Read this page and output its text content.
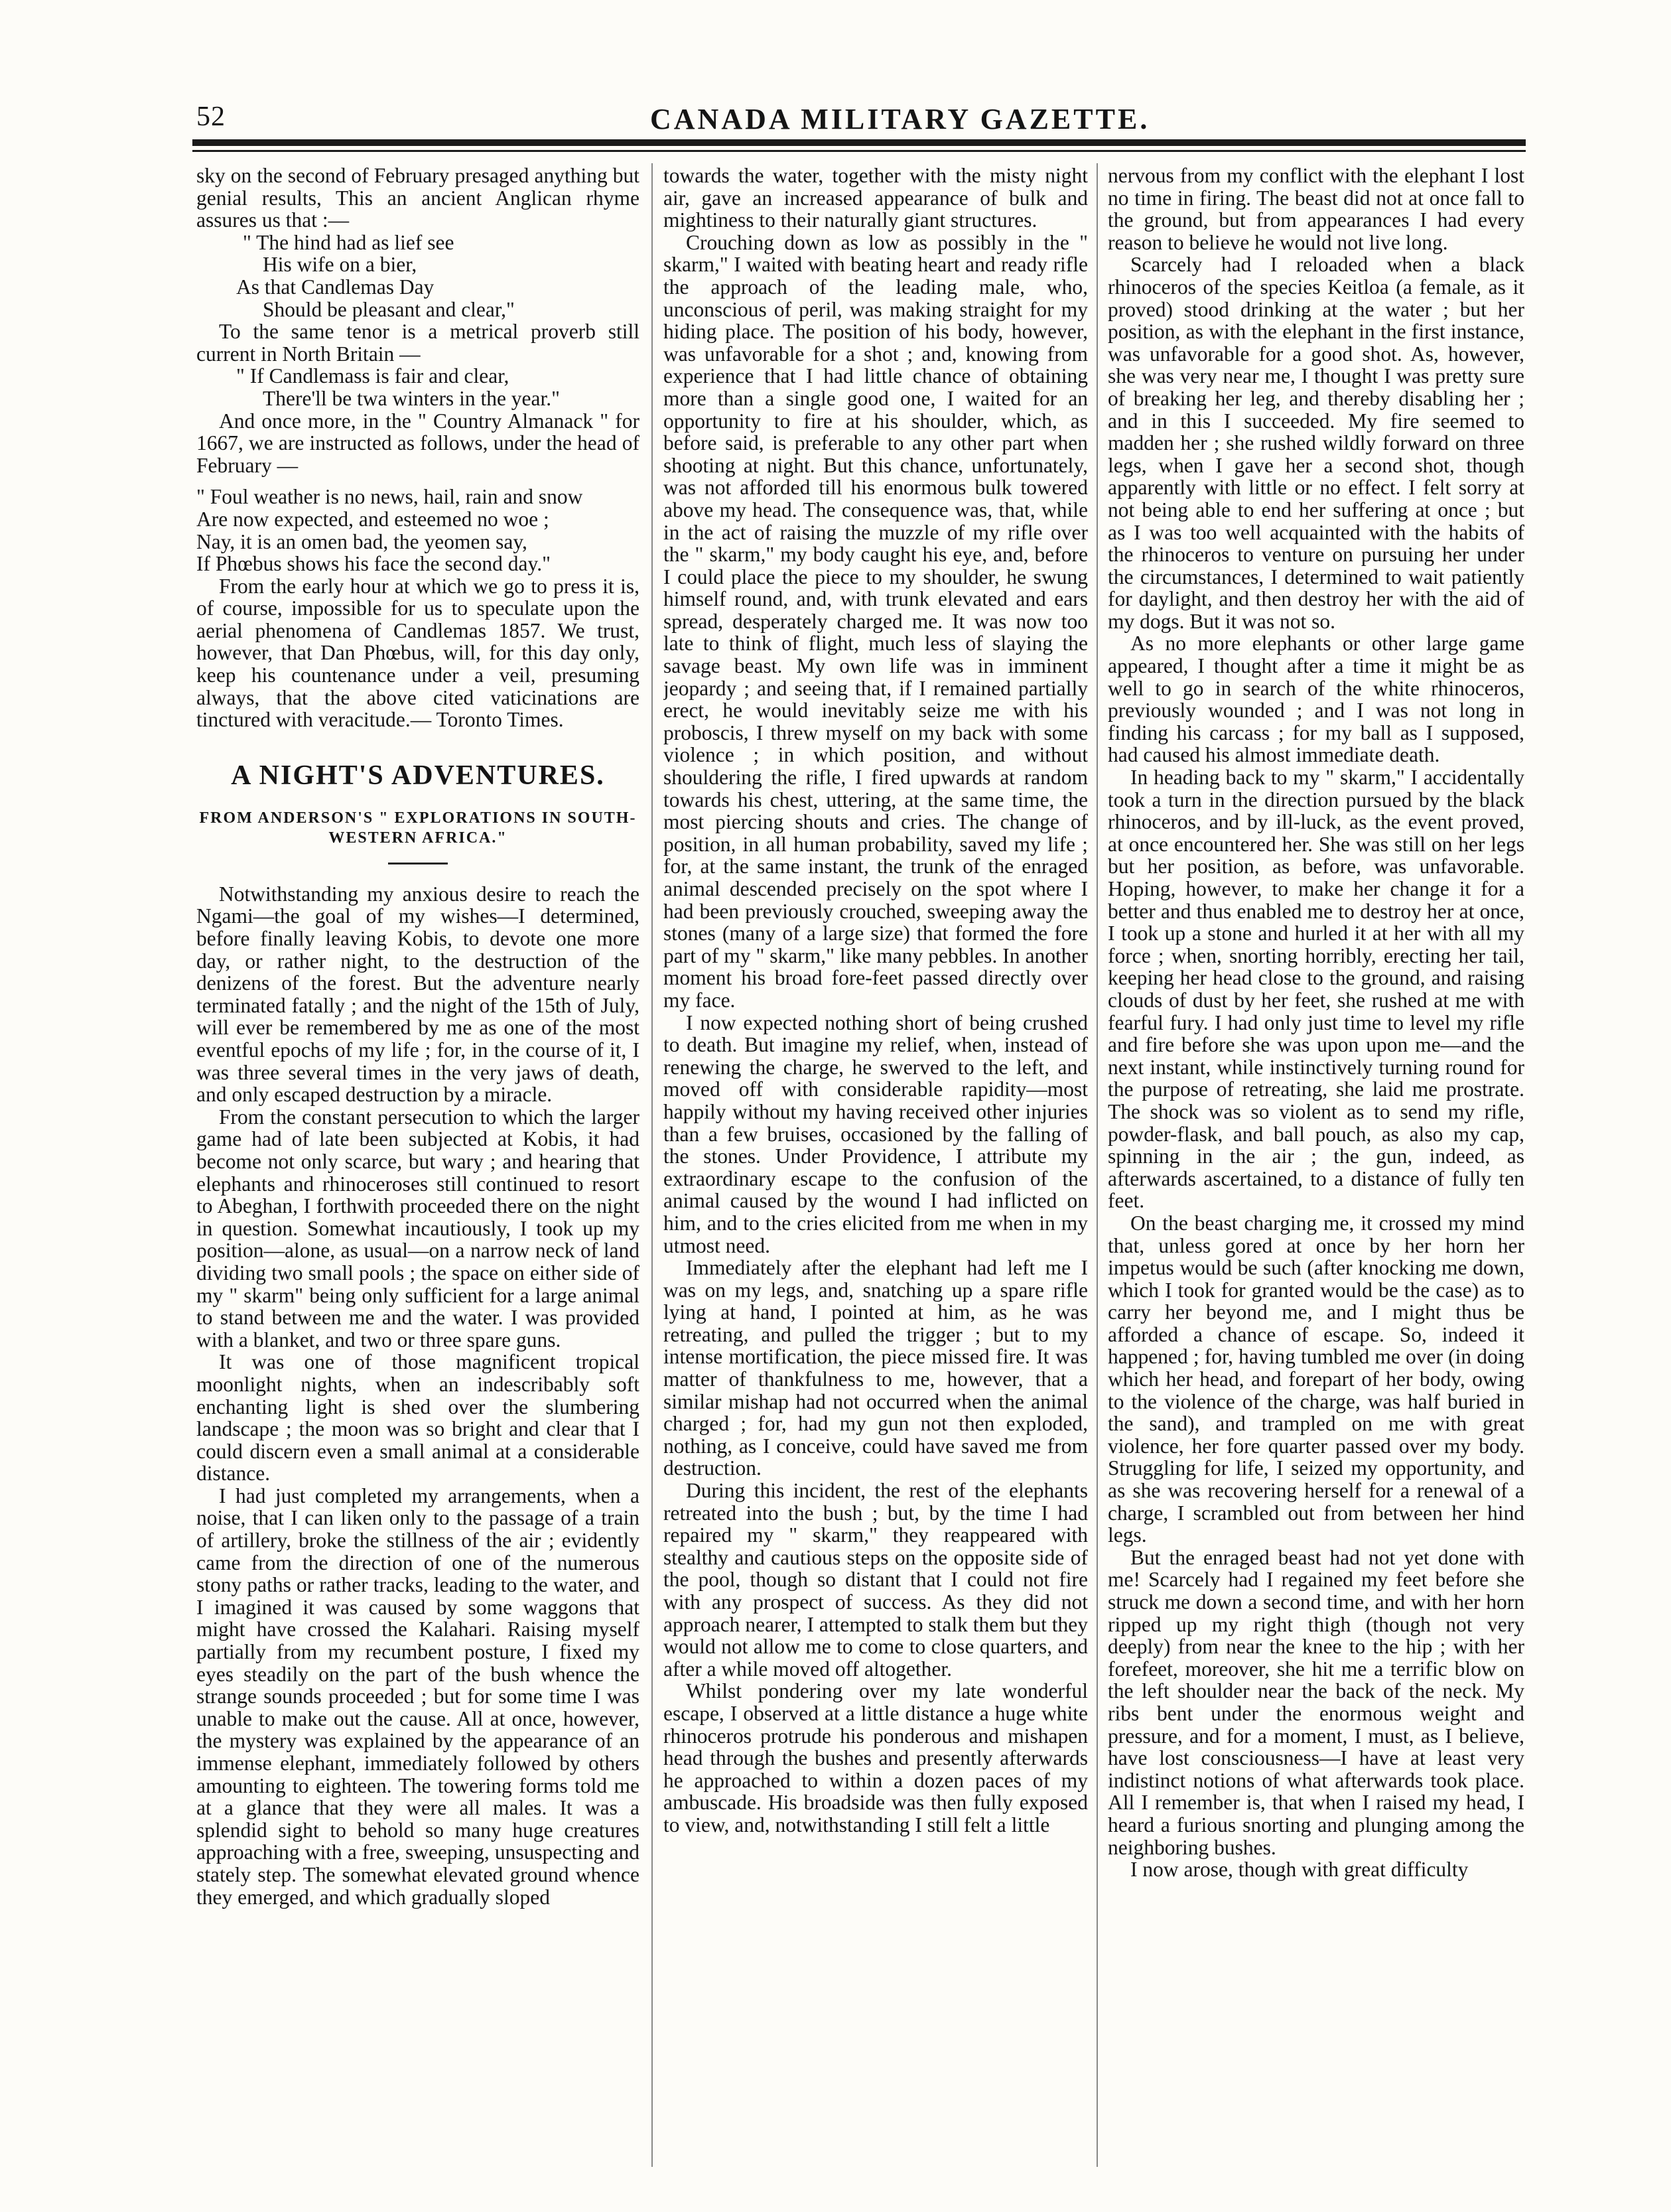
52	CANADA MILITARY GAZETTE.

sky on the second of February presaged anything but genial results, This an ancient Anglican rhyme assures us that :—

" The hind had as lief see
His wife on a bier,
As that Candlemas Day
Should be pleasant and clear,"

To the same tenor is a metrical proverb still current in North Britain —

" If Candlemass is fair and clear,
There'll be twa winters in the year."

And once more, in the " Country Almanack " for 1667, we are instructed as follows, under the head of February —

" Foul weather is no news, hail, rain and snow
Are now expected, and esteemed no woe ;
Nay, it is an omen bad, the yeomen say,
If Phœbus shows his face the second day."

From the early hour at which we go to press it is, of course, impossible for us to speculate upon the aerial phenomena of Candlemas 1857. We trust, however, that Dan Phœbus, will, for this day only, keep his countenance under a veil, presuming always, that the above cited vaticinations are tinctured with veracitude.— Toronto Times.

A NIGHT'S ADVENTURES.
FROM ANDERSON'S " EXPLORATIONS IN SOUTH-WESTERN AFRICA."

Notwithstanding my anxious desire to reach the Ngami—the goal of my wishes—I determined, before finally leaving Kobis, to devote one more day, or rather night, to the destruction of the denizens of the forest. But the adventure nearly terminated fatally ; and the night of the 15th of July, will ever be remembered by me as one of the most eventful epochs of my life ; for, in the course of it, I was three several times in the very jaws of death, and only escaped destruction by a miracle.

From the constant persecution to which the larger game had of late been subjected at Kobis, it had become not only scarce, but wary ; and hearing that elephants and rhinoceroses still continued to resort to Abeghan, I forthwith proceeded there on the night in question. Somewhat incautiously, I took up my position—alone, as usual—on a narrow neck of land dividing two small pools ; the space on either side of my " skarm" being only sufficient for a large animal to stand between me and the water. I was provided with a blanket, and two or three spare guns.

It was one of those magnificent tropical moonlight nights, when an indescribably soft enchanting light is shed over the slumbering landscape ; the moon was so bright and clear that I could discern even a small animal at a considerable distance.

I had just completed my arrangements, when a noise, that I can liken only to the passage of a train of artillery, broke the stillness of the air ; evidently came from the direction of one of the numerous stony paths or rather tracks, leading to the water, and I imagined it was caused by some waggons that might have crossed the Kalahari. Raising myself partially from my recumbent posture, I fixed my eyes steadily on the part of the bush whence the strange sounds proceeded ; but for some time I was unable to make out the cause. All at once, however, the mystery was explained by the appearance of an immense elephant, immediately followed by others amounting to eighteen. The towering forms told me at a glance that they were all males. It was a splendid sight to behold so many huge creatures approaching with a free, sweeping, unsuspecting and stately step. The somewhat elevated ground whence they emerged, and which gradually sloped

towards the water, together with the misty night air, gave an increased appearance of bulk and mightiness to their naturally giant structures.

Crouching down as low as possibly in the " skarm," I waited with beating heart and ready rifle the approach of the leading male, who, unconscious of peril, was making straight for my hiding place. The position of his body, however, was unfavorable for a shot ; and, knowing from experience that I had little chance of obtaining more than a single good one, I waited for an opportunity to fire at his shoulder, which, as before said, is preferable to any other part when shooting at night. But this chance, unfortunately, was not afforded till his enormous bulk towered above my head. The consequence was, that, while in the act of raising the muzzle of my rifle over the " skarm," my body caught his eye, and, before I could place the piece to my shoulder, he swung himself round, and, with trunk elevated and ears spread, desperately charged me. It was now too late to think of flight, much less of slaying the savage beast. My own life was in imminent jeopardy ; and seeing that, if I remained partially erect, he would inevitably seize me with his proboscis, I threw myself on my back with some violence ; in which position, and without shouldering the rifle, I fired upwards at random towards his chest, uttering, at the same time, the most piercing shouts and cries. The change of position, in all human probability, saved my life ; for, at the same instant, the trunk of the enraged animal descended precisely on the spot where I had been previously crouched, sweeping away the stones (many of a large size) that formed the fore part of my " skarm," like many pebbles. In another moment his broad fore-feet passed directly over my face.

I now expected nothing short of being crushed to death. But imagine my relief, when, instead of renewing the charge, he swerved to the left, and moved off with considerable rapidity—most happily without my having received other injuries than a few bruises, occasioned by the falling of the stones. Under Providence, I attribute my extraordinary escape to the confusion of the animal caused by the wound I had inflicted on him, and to the cries elicited from me when in my utmost need.

Immediately after the elephant had left me I was on my legs, and, snatching up a spare rifle lying at hand, I pointed at him, as he was retreating, and pulled the trigger ; but to my intense mortification, the piece missed fire. It was matter of thankfulness to me, however, that a similar mishap had not occurred when the animal charged ; for, had my gun not then exploded, nothing, as I conceive, could have saved me from destruction.

During this incident, the rest of the elephants retreated into the bush ; but, by the time I had repaired my " skarm," they reappeared with stealthy and cautious steps on the opposite side of the pool, though so distant that I could not fire with any prospect of success. As they did not approach nearer, I attempted to stalk them but they would not allow me to come to close quarters, and after a while moved off altogether.

Whilst pondering over my late wonderful escape, I observed at a little distance a huge white rhinoceros protrude his ponderous and mishapen head through the bushes and presently afterwards he approached to within a dozen paces of my ambuscade. His broadside was then fully exposed to view, and, notwithstanding I still felt a little

nervous from my conflict with the elephant I lost no time in firing. The beast did not at once fall to the ground, but from appearances I had every reason to believe he would not live long.

Scarcely had I reloaded when a black rhinoceros of the species Keitloa (a female, as it proved) stood drinking at the water ; but her position, as with the elephant in the first instance, was unfavorable for a good shot. As, however, she was very near me, I thought I was pretty sure of breaking her leg, and thereby disabling her ; and in this I succeeded. My fire seemed to madden her ; she rushed wildly forward on three legs, when I gave her a second shot, though apparently with little or no effect. I felt sorry at not being able to end her suffering at once ; but as I was too well acquainted with the habits of the rhinoceros to venture on pursuing her under the circumstances, I determined to wait patiently for daylight, and then destroy her with the aid of my dogs. But it was not so.

As no more elephants or other large game appeared, I thought after a time it might be as well to go in search of the white rhinoceros, previously wounded ; and I was not long in finding his carcass ; for my ball as I supposed, had caused his almost immediate death.

In heading back to my " skarm," I accidentally took a turn in the direction pursued by the black rhinoceros, and by ill-luck, as the event proved, at once encountered her. She was still on her legs but her position, as before, was unfavorable. Hoping, however, to make her change it for a better and thus enabled me to destroy her at once, I took up a stone and hurled it at her with all my force ; when, snorting horribly, erecting her tail, keeping her head close to the ground, and raising clouds of dust by her feet, she rushed at me with fearful fury. I had only just time to level my rifle and fire before she was upon upon me—and the next instant, while instinctively turning round for the purpose of retreating, she laid me prostrate. The shock was so violent as to send my rifle, powder-flask, and ball pouch, as also my cap, spinning in the air ; the gun, indeed, as afterwards ascertained, to a distance of fully ten feet.

On the beast charging me, it crossed my mind that, unless gored at once by her horn her impetus would be such (after knocking me down, which I took for granted would be the case) as to carry her beyond me, and I might thus be afforded a chance of escape. So, indeed it happened ; for, having tumbled me over (in doing which her head, and forepart of her body, owing to the violence of the charge, was half buried in the sand), and trampled on me with great violence, her fore quarter passed over my body. Struggling for life, I seized my opportunity, and as she was recovering herself for a renewal of a charge, I scrambled out from between her hind legs.

But the enraged beast had not yet done with me! Scarcely had I regained my feet before she struck me down a second time, and with her horn ripped up my right thigh (though not very deeply) from near the knee to the hip ; with her forefeet, moreover, she hit me a terrific blow on the left shoulder near the back of the neck. My ribs bent under the enormous weight and pressure, and for a moment, I must, as I believe, have lost consciousness—I have at least very indistinct notions of what afterwards took place. All I remember is, that when I raised my head, I heard a furious snorting and plunging among the neighboring bushes.

I now arose, though with great difficulty
